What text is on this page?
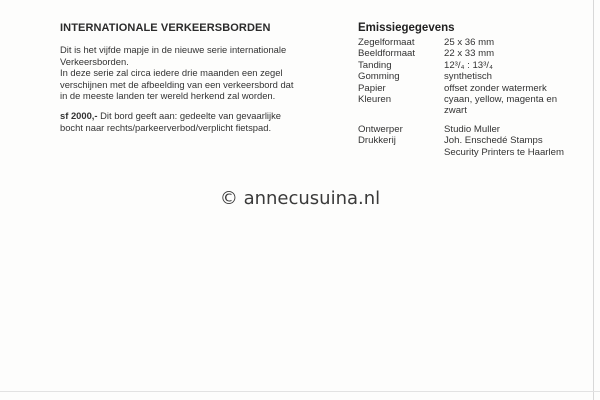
INTERNATIONALE VERKEERSBORDEN

Dit is het vijfde mapje in de nieuwe serie internationale

Verkeersborden.

In deze serie zal circa iedere drie maanden een zegel

verschijnen met de afbeelding van een verkeersbord dat

in de meeste landen ter wereld herkend zal worden.

sf 2000,- Dit bord geeft aan: gedeelte van gevaarlijke
bocht naar rechts/parkeerverbod/verplicht fietspad.
Emissiegegevens
Zegelformaat	25 x 36 mm
Beeldformaat	22 x 33 mm
Tanding	12³/₄ : 13³/₄
Gomming	synthetisch
Papier	offset zonder watermerk
Kleuren	cyaan, yellow, magenta en
	zwart

Ontwerper	Studio Muller
Drukkerij	Joh. Enschedé Stamps
	Security Printers te Haarlem
© annecusuina.nl
